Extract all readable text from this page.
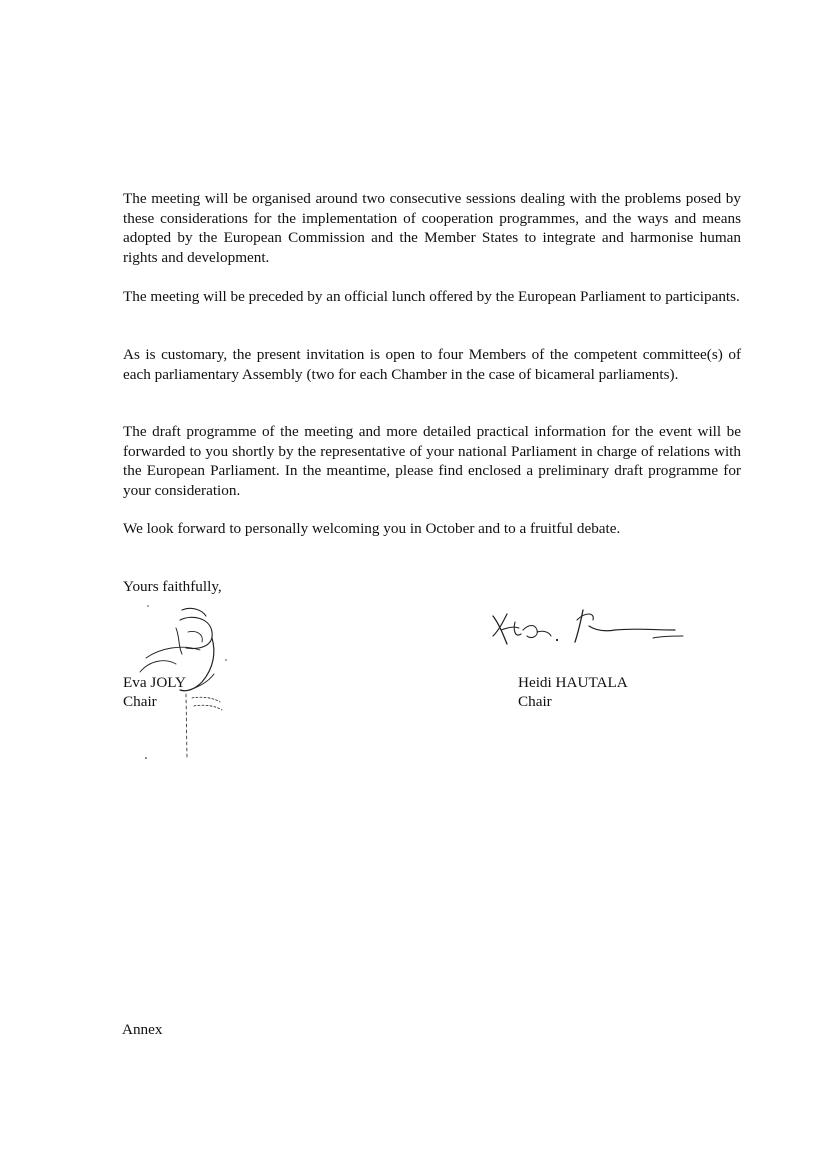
The meeting will be organised around two consecutive sessions dealing with the problems posed by these considerations for the implementation of cooperation programmes, and the ways and means adopted by the European Commission and the Member States to integrate and harmonise human rights and development.

The meeting will be preceded by an official lunch offered by the European Parliament to participants.

As is customary, the present invitation is open to four Members of the competent committee(s) of each parliamentary Assembly (two for each Chamber in the case of bicameral parliaments).

The draft programme of the meeting and more detailed practical information for the event will be forwarded to you shortly by the representative of your national Parliament in charge of relations with the European Parliament. In the meantime, please find enclosed a preliminary draft programme for your consideration.

We look forward to personally welcoming you in October and to a fruitful debate.

Yours faithfully,

Eva JOLY

Chair

Heidi HAUTALA

Chair

Annex
